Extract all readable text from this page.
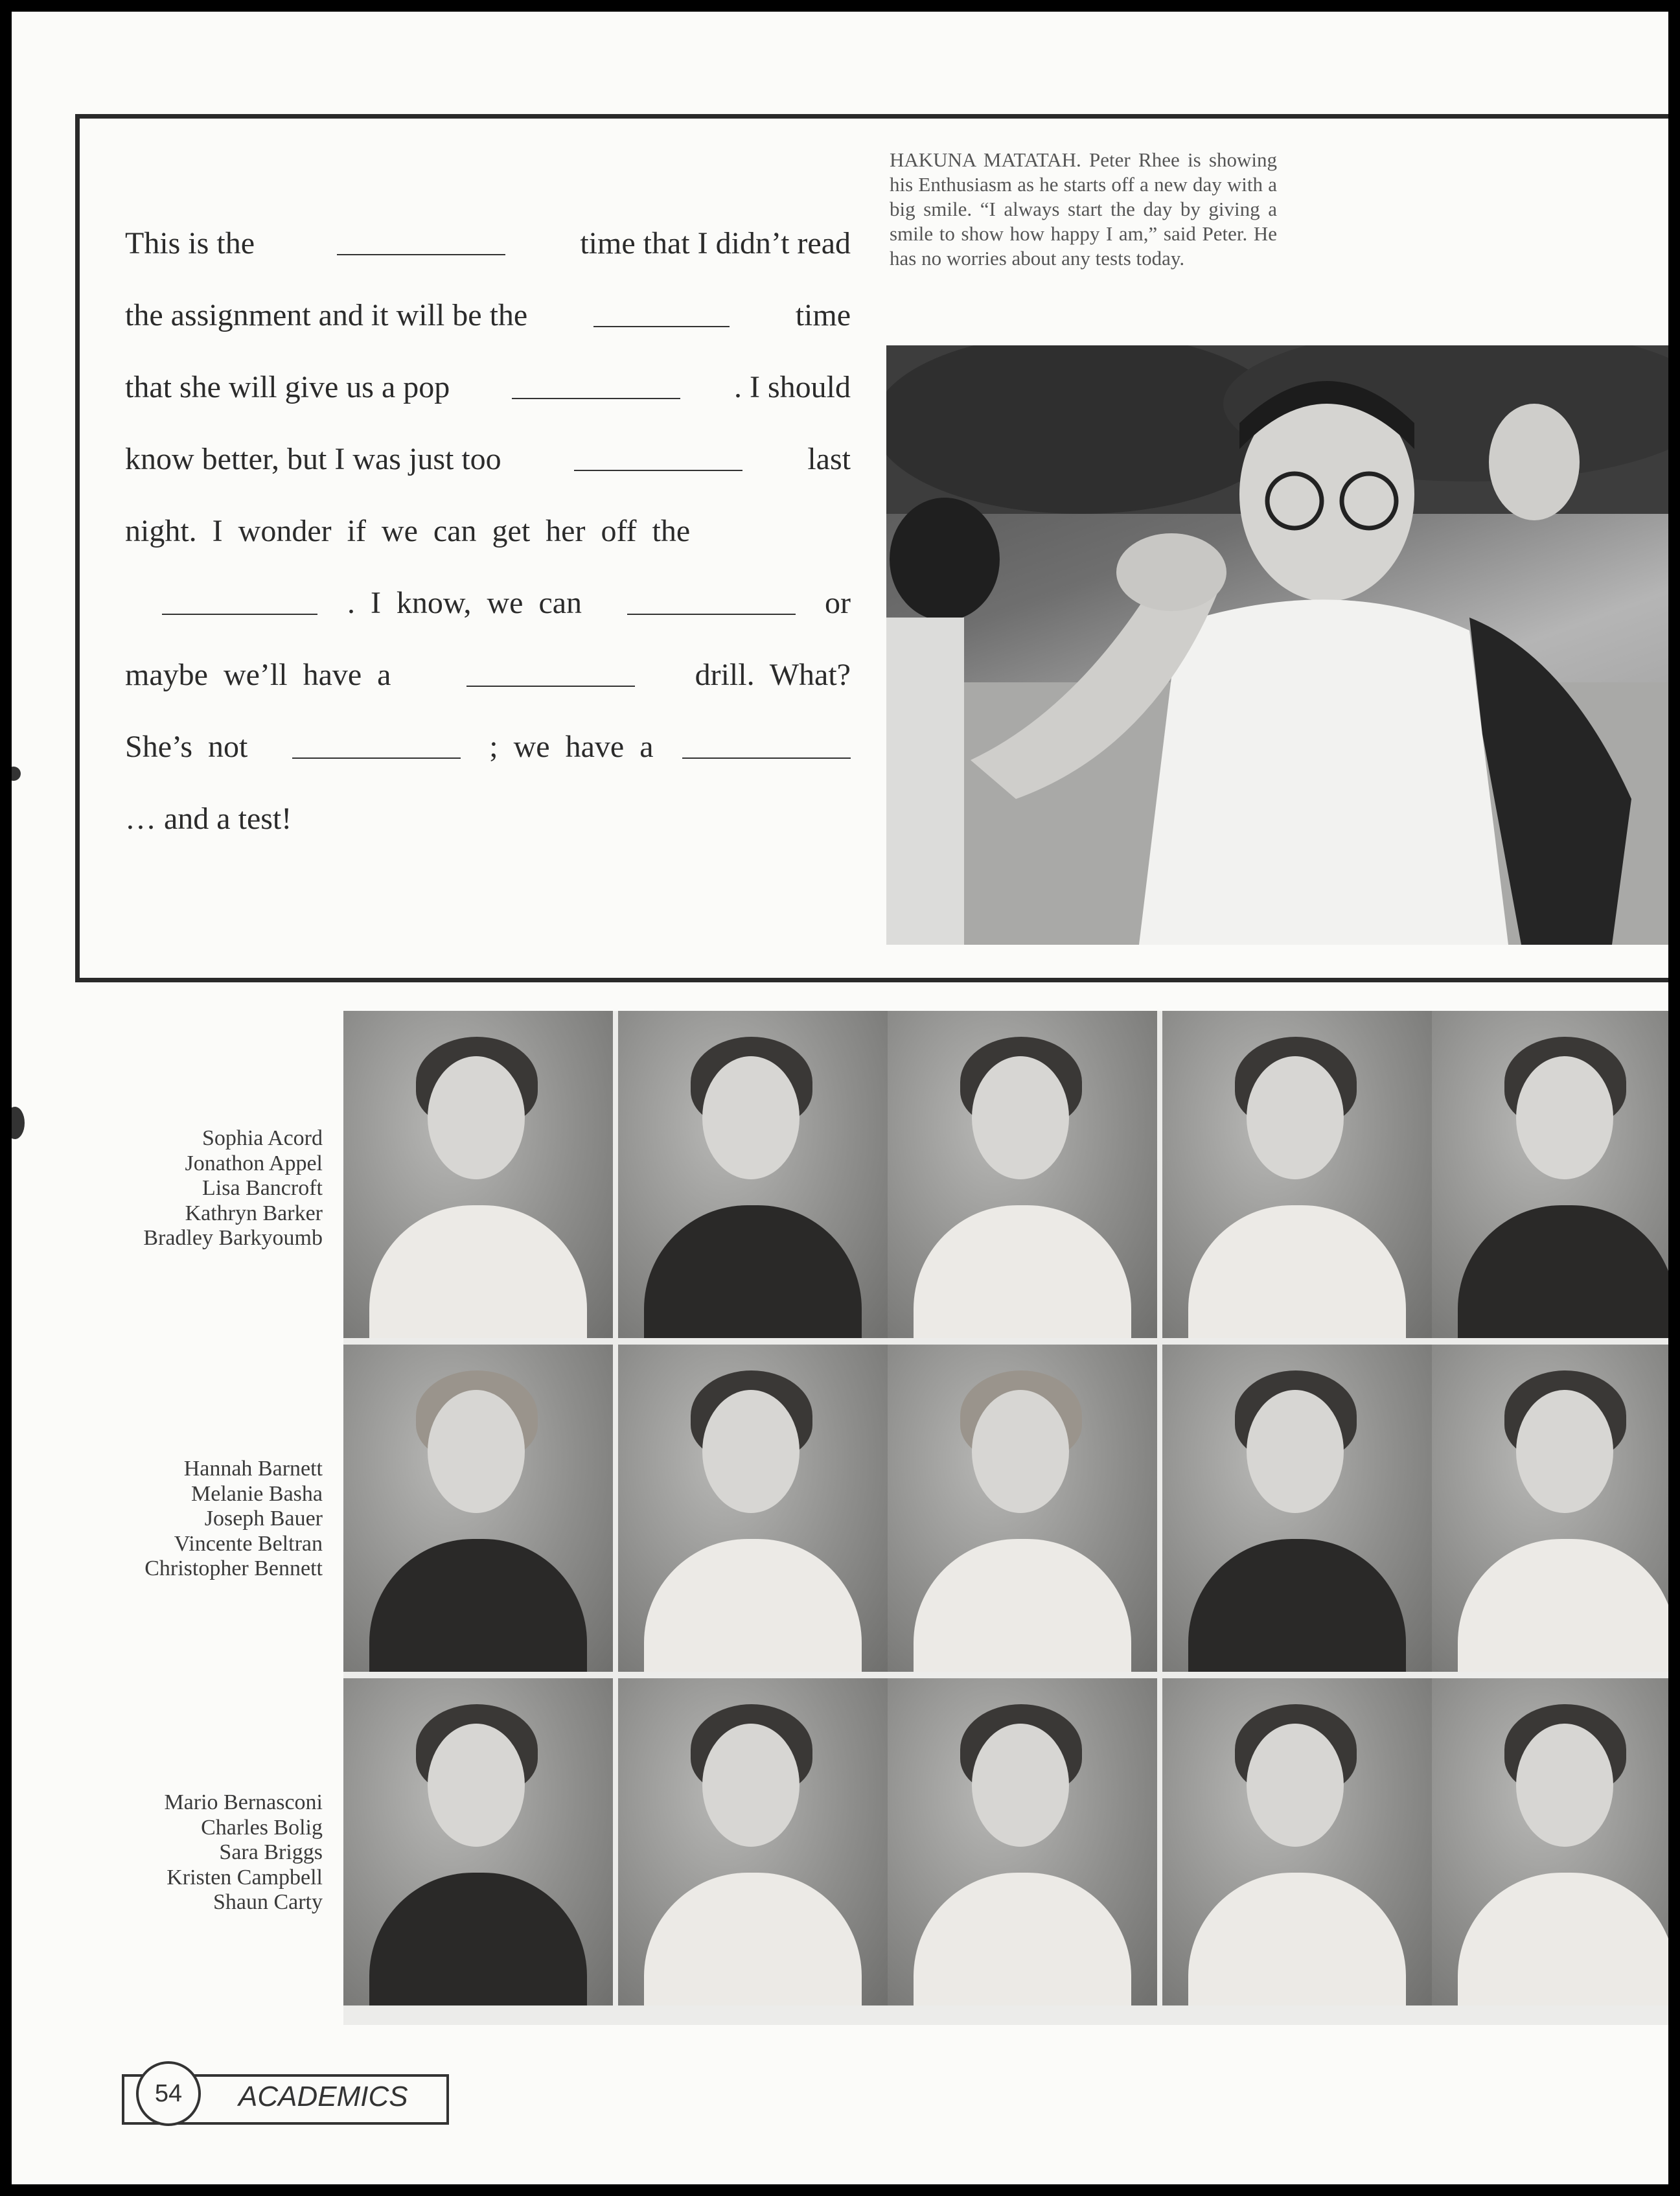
This is the	time that I didn’t read
the assignment and it will be the	time
that she will give us a pop	. I should
know better, but I was just too	last
night.  I  wonder  if  we  can  get  her  off  the

.  I  know,  we  can	or
maybe  we’ll  have  a	drill.  What?
She’s  not	;  we  have  a
… and a test!
HAKUNA MATATAH. Peter Rhee is showing his Enthusiasm as he starts off a new day with a big smile. “I always start the day by giving a smile to show how happy I am,” said Peter. He has no worries about any tests today.
Sophia Acord
Jonathon Appel
Lisa Bancroft
Kathryn Barker
Bradley Barkyoumb
Hannah Barnett
Melanie Basha
Joseph Bauer
Vincente Beltran
Christopher Bennett
Mario Bernasconi
Charles Bolig
Sara Briggs
Kristen Campbell
Shaun Carty
54	ACADEMICS
